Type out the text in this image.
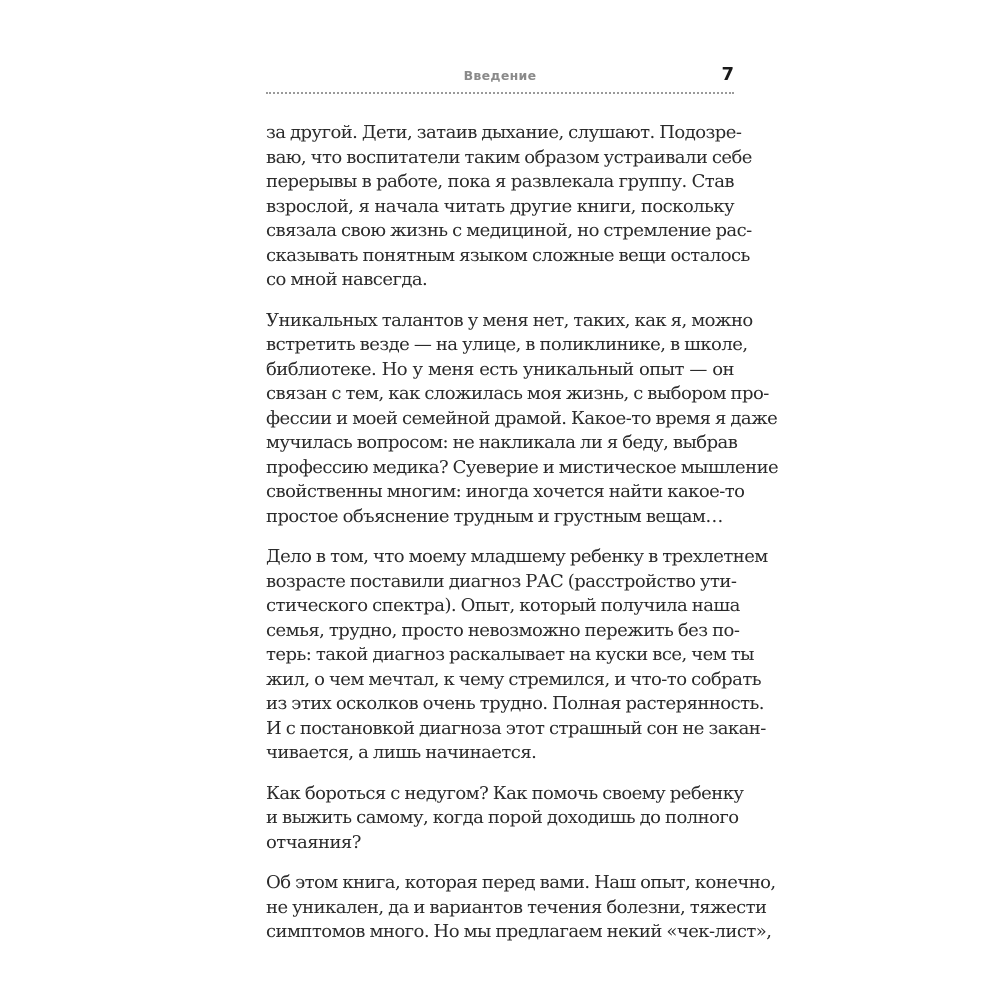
Введение	7

за другой. Дети, затаив дыхание, слушают. Подозре-
ваю, что воспитатели таким образом устраивали себе
перерывы в работе, пока я развлекала группу. Став
взрослой, я начала читать другие книги, поскольку
связала свою жизнь с медициной, но стремление рас-
сказывать понятным языком сложные вещи осталось
со мной навсегда.

Уникальных талантов у меня нет, таких, как я, можно
встретить везде — на улице, в поликлинике, в школе,
библиотеке. Но у меня есть уникальный опыт — он
связан с тем, как сложилась моя жизнь, с выбором про-
фессии и моей семейной драмой. Какое-то время я даже
мучилась вопросом: не накликала ли я беду, выбрав
профессию медика? Суеверие и мистическое мышление
свойственны многим: иногда хочется найти какое-то
простое объяснение трудным и грустным вещам…

Дело в том, что моему младшему ребенку в трехлетнем
возрасте поставили диагноз РАС (расстройство ути-
стического спектра). Опыт, который получила наша
семья, трудно, просто невозможно пережить без по-
терь: такой диагноз раскалывает на куски все, чем ты
жил, о чем мечтал, к чему стремился, и что-то собрать
из этих осколков очень трудно. Полная растерянность.
И с постановкой диагноза этот страшный сон не закан-
чивается, а лишь начинается.

Как бороться с недугом? Как помочь своему ребенку
и выжить самому, когда порой доходишь до полного
отчаяния?

Об этом книга, которая перед вами. Наш опыт, конечно,
не уникален, да и вариантов течения болезни, тяжести
симптомов много. Но мы предлагаем некий «чек-лист»,
